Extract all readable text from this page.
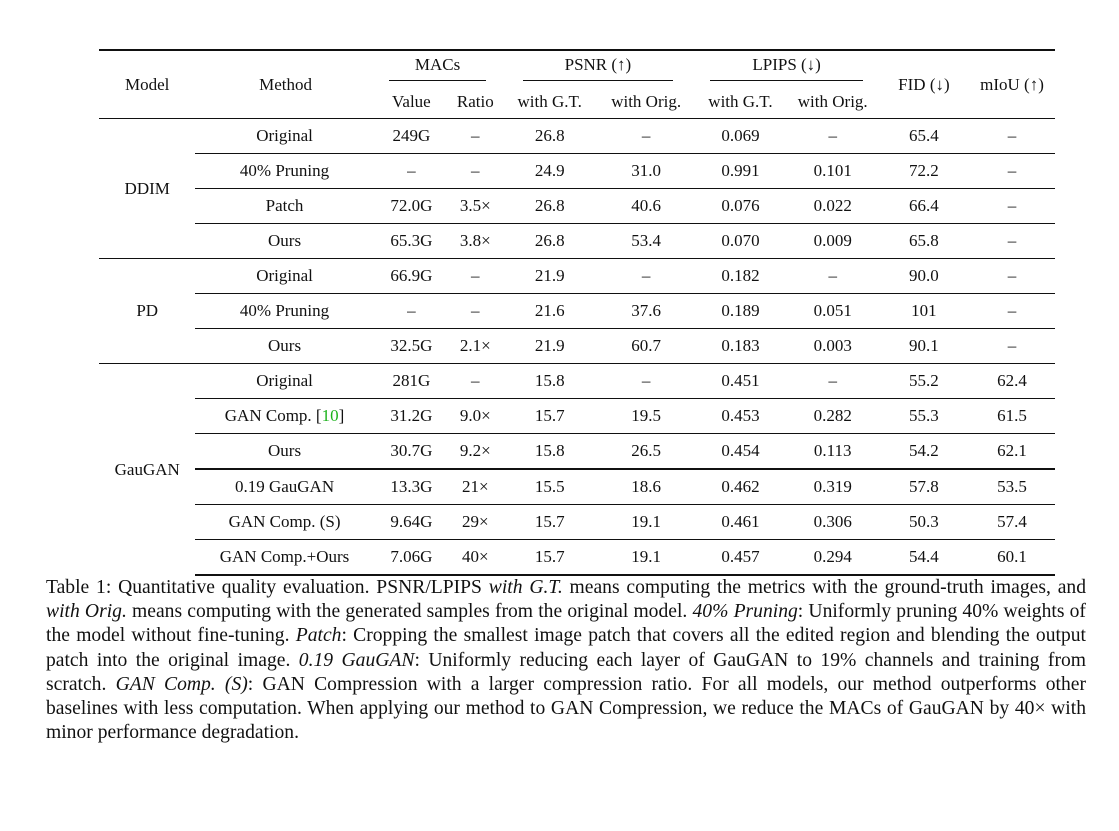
Model	Method	MACs		PSNR (↑)		LPIPS (↓)		FID (↓)	mIoU (↑)
		Value	Ratio	with G.T.	with Orig.	with G.T.	with Orig.		
DDIM	Original	249G	–	26.8	–	0.069	–	65.4	–
	40% Pruning	–	–	24.9	31.0	0.991	0.101	72.2	–
	Patch	72.0G	3.5×	26.8	40.6	0.076	0.022	66.4	–
	Ours	65.3G	3.8×	26.8	53.4	0.070	0.009	65.8	–
PD	Original	66.9G	–	21.9	–	0.182	–	90.0	–
	40% Pruning	–	–	21.6	37.6	0.189	0.051	101	–
	Ours	32.5G	2.1×	21.9	60.7	0.183	0.003	90.1	–
GauGAN	Original	281G	–	15.8	–	0.451	–	55.2	62.4
	GAN Comp. [10]	31.2G	9.0×	15.7	19.5	0.453	0.282	55.3	61.5
	Ours	30.7G	9.2×	15.8	26.5	0.454	0.113	54.2	62.1
	0.19 GauGAN	13.3G	21×	15.5	18.6	0.462	0.319	57.8	53.5
	GAN Comp. (S)	9.64G	29×	15.7	19.1	0.461	0.306	50.3	57.4
	GAN Comp.+Ours	7.06G	40×	15.7	19.1	0.457	0.294	54.4	60.1
Table 1: Quantitative quality evaluation. PSNR/LPIPS with G.T. means computing the metrics with the ground-truth images, and with Orig. means computing with the generated samples from the original model. 40% Pruning: Uniformly pruning 40% weights of the model without fine-tuning. Patch: Cropping the smallest image patch that covers all the edited region and blending the output patch into the original image. 0.19 GauGAN: Uniformly reducing each layer of GauGAN to 19% channels and training from scratch. GAN Comp. (S): GAN Compression with a larger compression ratio. For all models, our method outperforms other baselines with less computation. When applying our method to GAN Compression, we reduce the MACs of GauGAN by 40× with minor performance degradation.
